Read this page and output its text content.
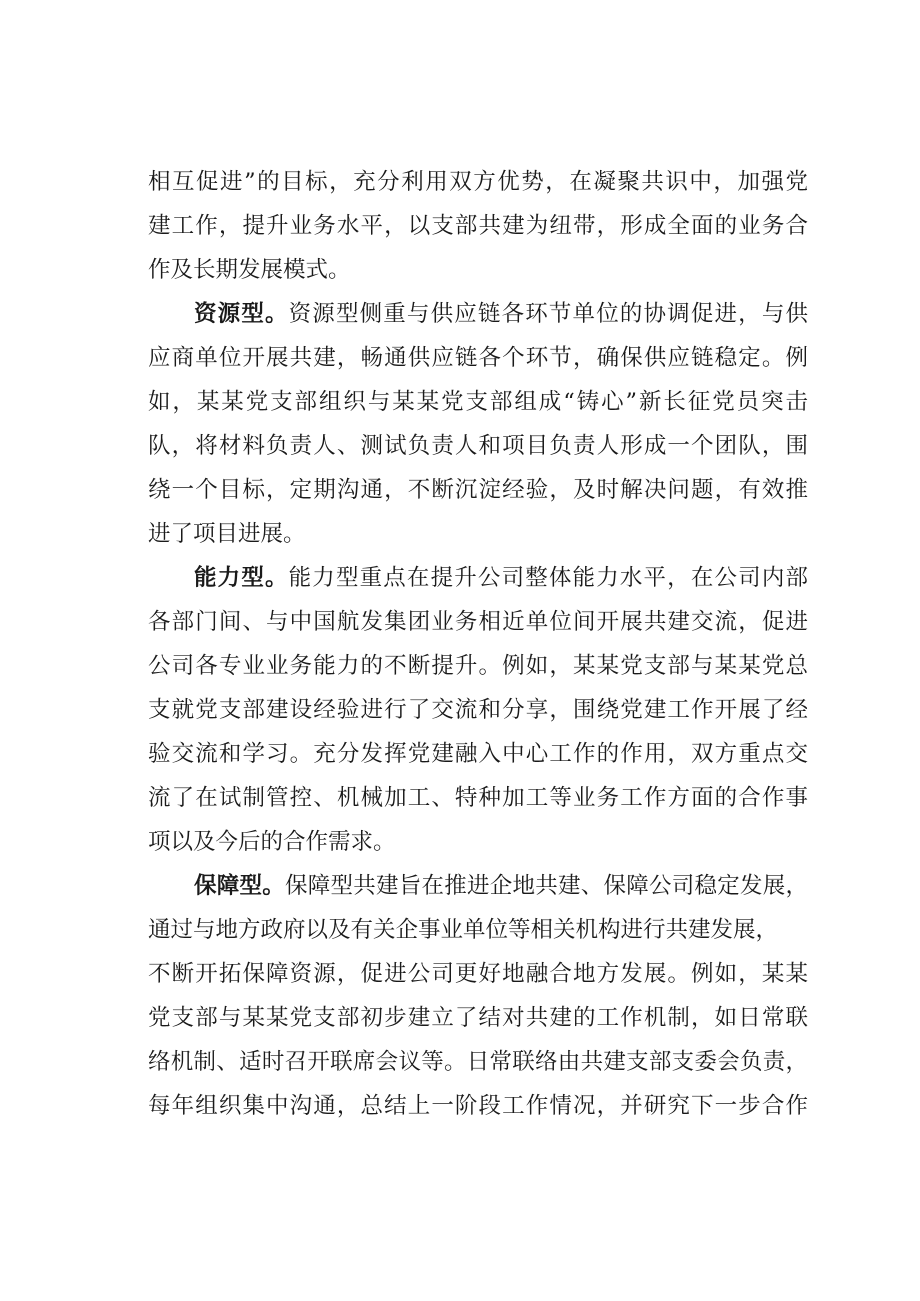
相互促进”的目标，充分利用双方优势，在凝聚共识中，加强党
建工作，提升业务水平，以支部共建为纽带，形成全面的业务合
作及长期发展模式。
资源型。资源型侧重与供应链各环节单位的协调促进，与供
应商单位开展共建，畅通供应链各个环节，确保供应链稳定。例
如，某某党支部组织与某某党支部组成“铸心”新长征党员突击
队，将材料负责人、测试负责人和项目负责人形成一个团队，围
绕一个目标，定期沟通，不断沉淀经验，及时解决问题，有效推
进了项目进展。
能力型。能力型重点在提升公司整体能力水平，在公司内部
各部门间、与中国航发集团业务相近单位间开展共建交流，促进
公司各专业业务能力的不断提升。例如，某某党支部与某某党总
支就党支部建设经验进行了交流和分享，围绕党建工作开展了经
验交流和学习。充分发挥党建融入中心工作的作用，双方重点交
流了在试制管控、机械加工、特种加工等业务工作方面的合作事
项以及今后的合作需求。
保障型。保障型共建旨在推进企地共建、保障公司稳定发展，
通过与地方政府以及有关企事业单位等相关机构进行共建发展，
不断开拓保障资源，促进公司更好地融合地方发展。例如，某某
党支部与某某党支部初步建立了结对共建的工作机制，如日常联
络机制、适时召开联席会议等。日常联络由共建支部支委会负责，
每年组织集中沟通，总结上一阶段工作情况，并研究下一步合作
